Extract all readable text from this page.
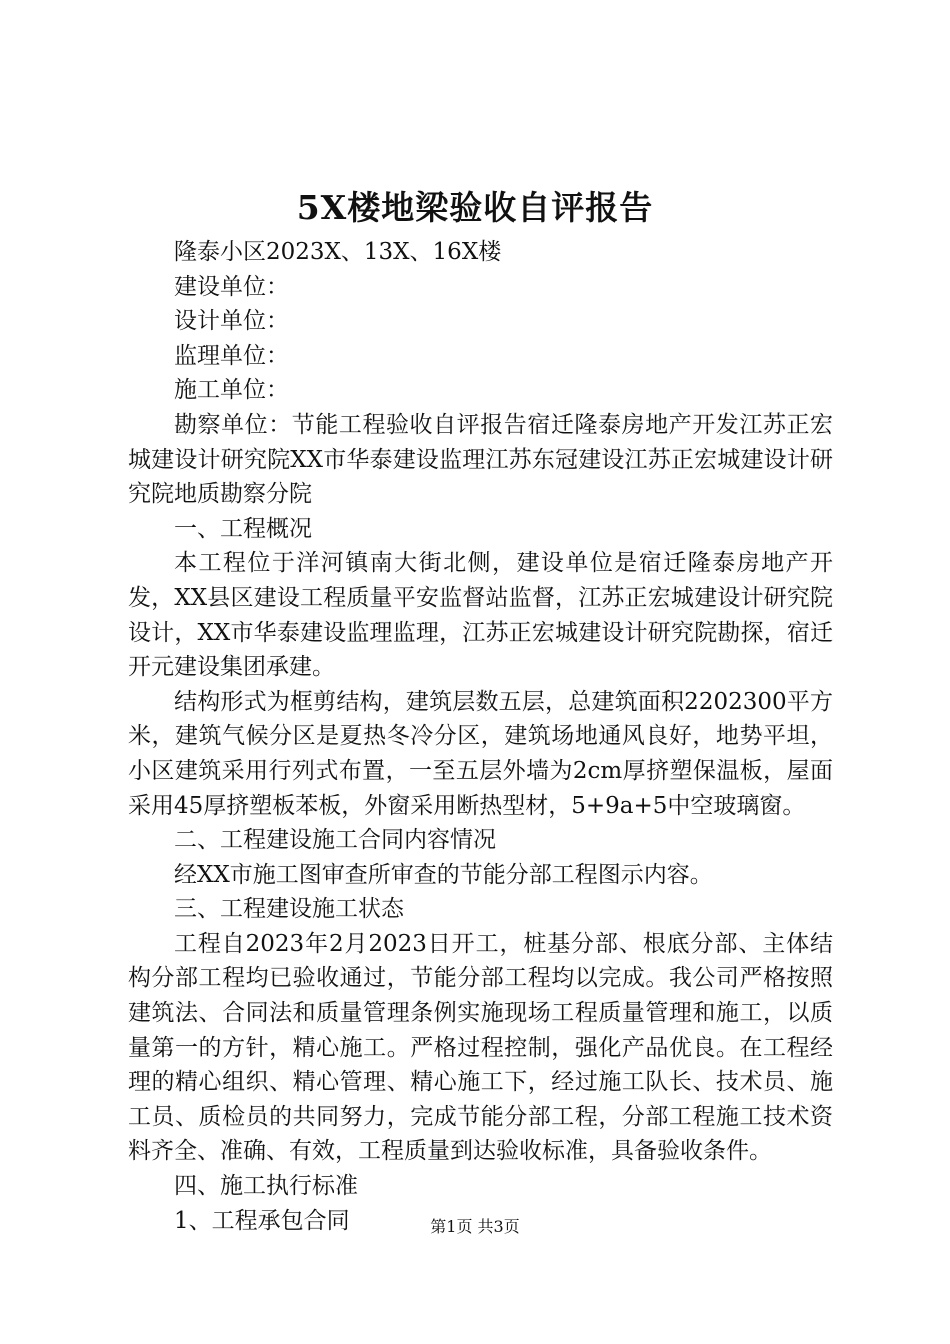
5X楼地梁验收自评报告

隆泰小区2023X、13X、16X楼

建设单位：

设计单位：

监理单位：

施工单位：

勘察单位：节能工程验收自评报告宿迁隆泰房地产开发江苏正宏城建设计研究院XX市华泰建设监理江苏东冠建设江苏正宏城建设计研究院地质勘察分院

一、工程概况

本工程位于洋河镇南大街北侧，建设单位是宿迁隆泰房地产开发，XX县区建设工程质量平安监督站监督，江苏正宏城建设计研究院设计，XX市华泰建设监理监理，江苏正宏城建设计研究院勘探，宿迁开元建设集团承建。

结构形式为框剪结构，建筑层数五层，总建筑面积2202300平方米，建筑气候分区是夏热冬冷分区，建筑场地通风良好，地势平坦，小区建筑采用行列式布置，一至五层外墙为2cm厚挤塑保温板，屋面采用45厚挤塑板苯板，外窗采用断热型材，5+9a+5中空玻璃窗。

二、工程建设施工合同内容情况

经XX市施工图审查所审查的节能分部工程图示内容。

三、工程建设施工状态

工程自2023年2月2023日开工，桩基分部、根底分部、主体结构分部工程均已验收通过，节能分部工程均以完成。我公司严格按照建筑法、合同法和质量管理条例实施现场工程质量管理和施工，以质量第一的方针，精心施工。严格过程控制，强化产品优良。在工程经理的精心组织、精心管理、精心施工下，经过施工队长、技术员、施工员、质检员的共同努力，完成节能分部工程，分部工程施工技术资料齐全、准确、有效，工程质量到达验收标准，具备验收条件。

四、施工执行标准

1、工程承包合同	第1页 共3页
